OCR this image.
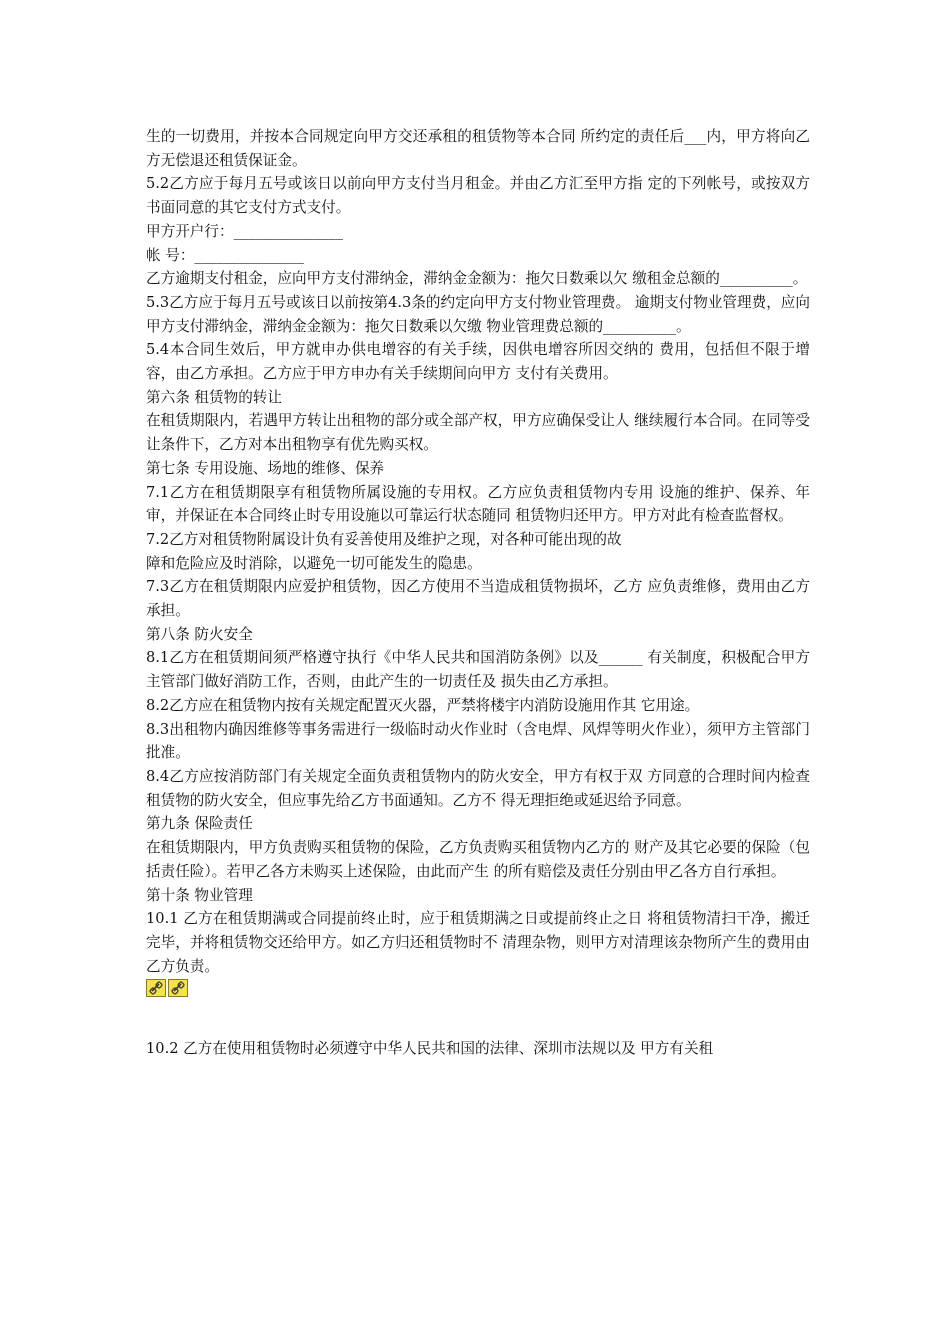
生的一切费用，并按本合同规定向甲方交还承租的租赁物等本合同 所约定的责任后___内，甲方将向乙方无偿退还租赁保证金。

5.2乙方应于每月五号或该日以前向甲方支付当月租金。并由乙方汇至甲方指 定的下列帐号，或按双方书面同意的其它支付方式支付。

甲方开户行：_______________

帐 号：_______________

乙方逾期支付租金，应向甲方支付滞纳金，滞纳金金额为：拖欠日数乘以欠 缴租金总额的__________。

5.3乙方应于每月五号或该日以前按第4.3条的约定向甲方支付物业管理费。 逾期支付物业管理费，应向甲方支付滞纳金，滞纳金金额为：拖欠日数乘以欠缴 物业管理费总额的__________。

5.4本合同生效后，甲方就申办供电增容的有关手续，因供电增容所因交纳的 费用，包括但不限于增容，由乙方承担。乙方应于甲方申办有关手续期间向甲方 支付有关费用。

第六条 租赁物的转让

在租赁期限内，若遇甲方转让出租物的部分或全部产权，甲方应确保受让人 继续履行本合同。在同等受让条件下，乙方对本出租物享有优先购买权。

第七条 专用设施、场地的维修、保养

7.1乙方在租赁期限享有租赁物所属设施的专用权。乙方应负责租赁物内专用 设施的维护、保养、年审，并保证在本合同终止时专用设施以可靠运行状态随同 租赁物归还甲方。甲方对此有检查监督权。

7.2乙方对租赁物附属设计负有妥善使用及维护之现，对各种可能出现的故

障和危险应及时消除，以避免一切可能发生的隐患。

7.3乙方在租赁期限内应爱护租赁物，因乙方使用不当造成租赁物损坏，乙方 应负责维修，费用由乙方承担。

第八条 防火安全

8.1乙方在租赁期间须严格遵守执行《中华人民共和国消防条例》以及______ 有关制度，积极配合甲方主管部门做好消防工作，否则，由此产生的一切责任及 损失由乙方承担。

8.2乙方应在租赁物内按有关规定配置灭火器，严禁将楼宇内消防设施用作其 它用途。

8.3出租物内确因维修等事务需进行一级临时动火作业时（含电焊、风焊等明火作业），须甲方主管部门批准。

8.4乙方应按消防部门有关规定全面负责租赁物内的防火安全，甲方有权于双 方同意的合理时间内检查租赁物的防火安全，但应事先给乙方书面通知。乙方不 得无理拒绝或延迟给予同意。

第九条 保险责任

在租赁期限内，甲方负责购买租赁物的保险，乙方负责购买租赁物内乙方的 财产及其它必要的保险（包括责任险）。若甲乙各方未购买上述保险，由此而产生 的所有赔偿及责任分别由甲乙各方自行承担。

第十条 物业管理

10.1 乙方在租赁期满或合同提前终止时，应于租赁期满之日或提前终止之日 将租赁物清扫干净，搬迁完毕，并将租赁物交还给甲方。如乙方归还租赁物时不 清理杂物，则甲方对清理该杂物所产生的费用由乙方负责。

10.2 乙方在使用租赁物时必须遵守中华人民共和国的法律、深圳市法规以及 甲方有关租
